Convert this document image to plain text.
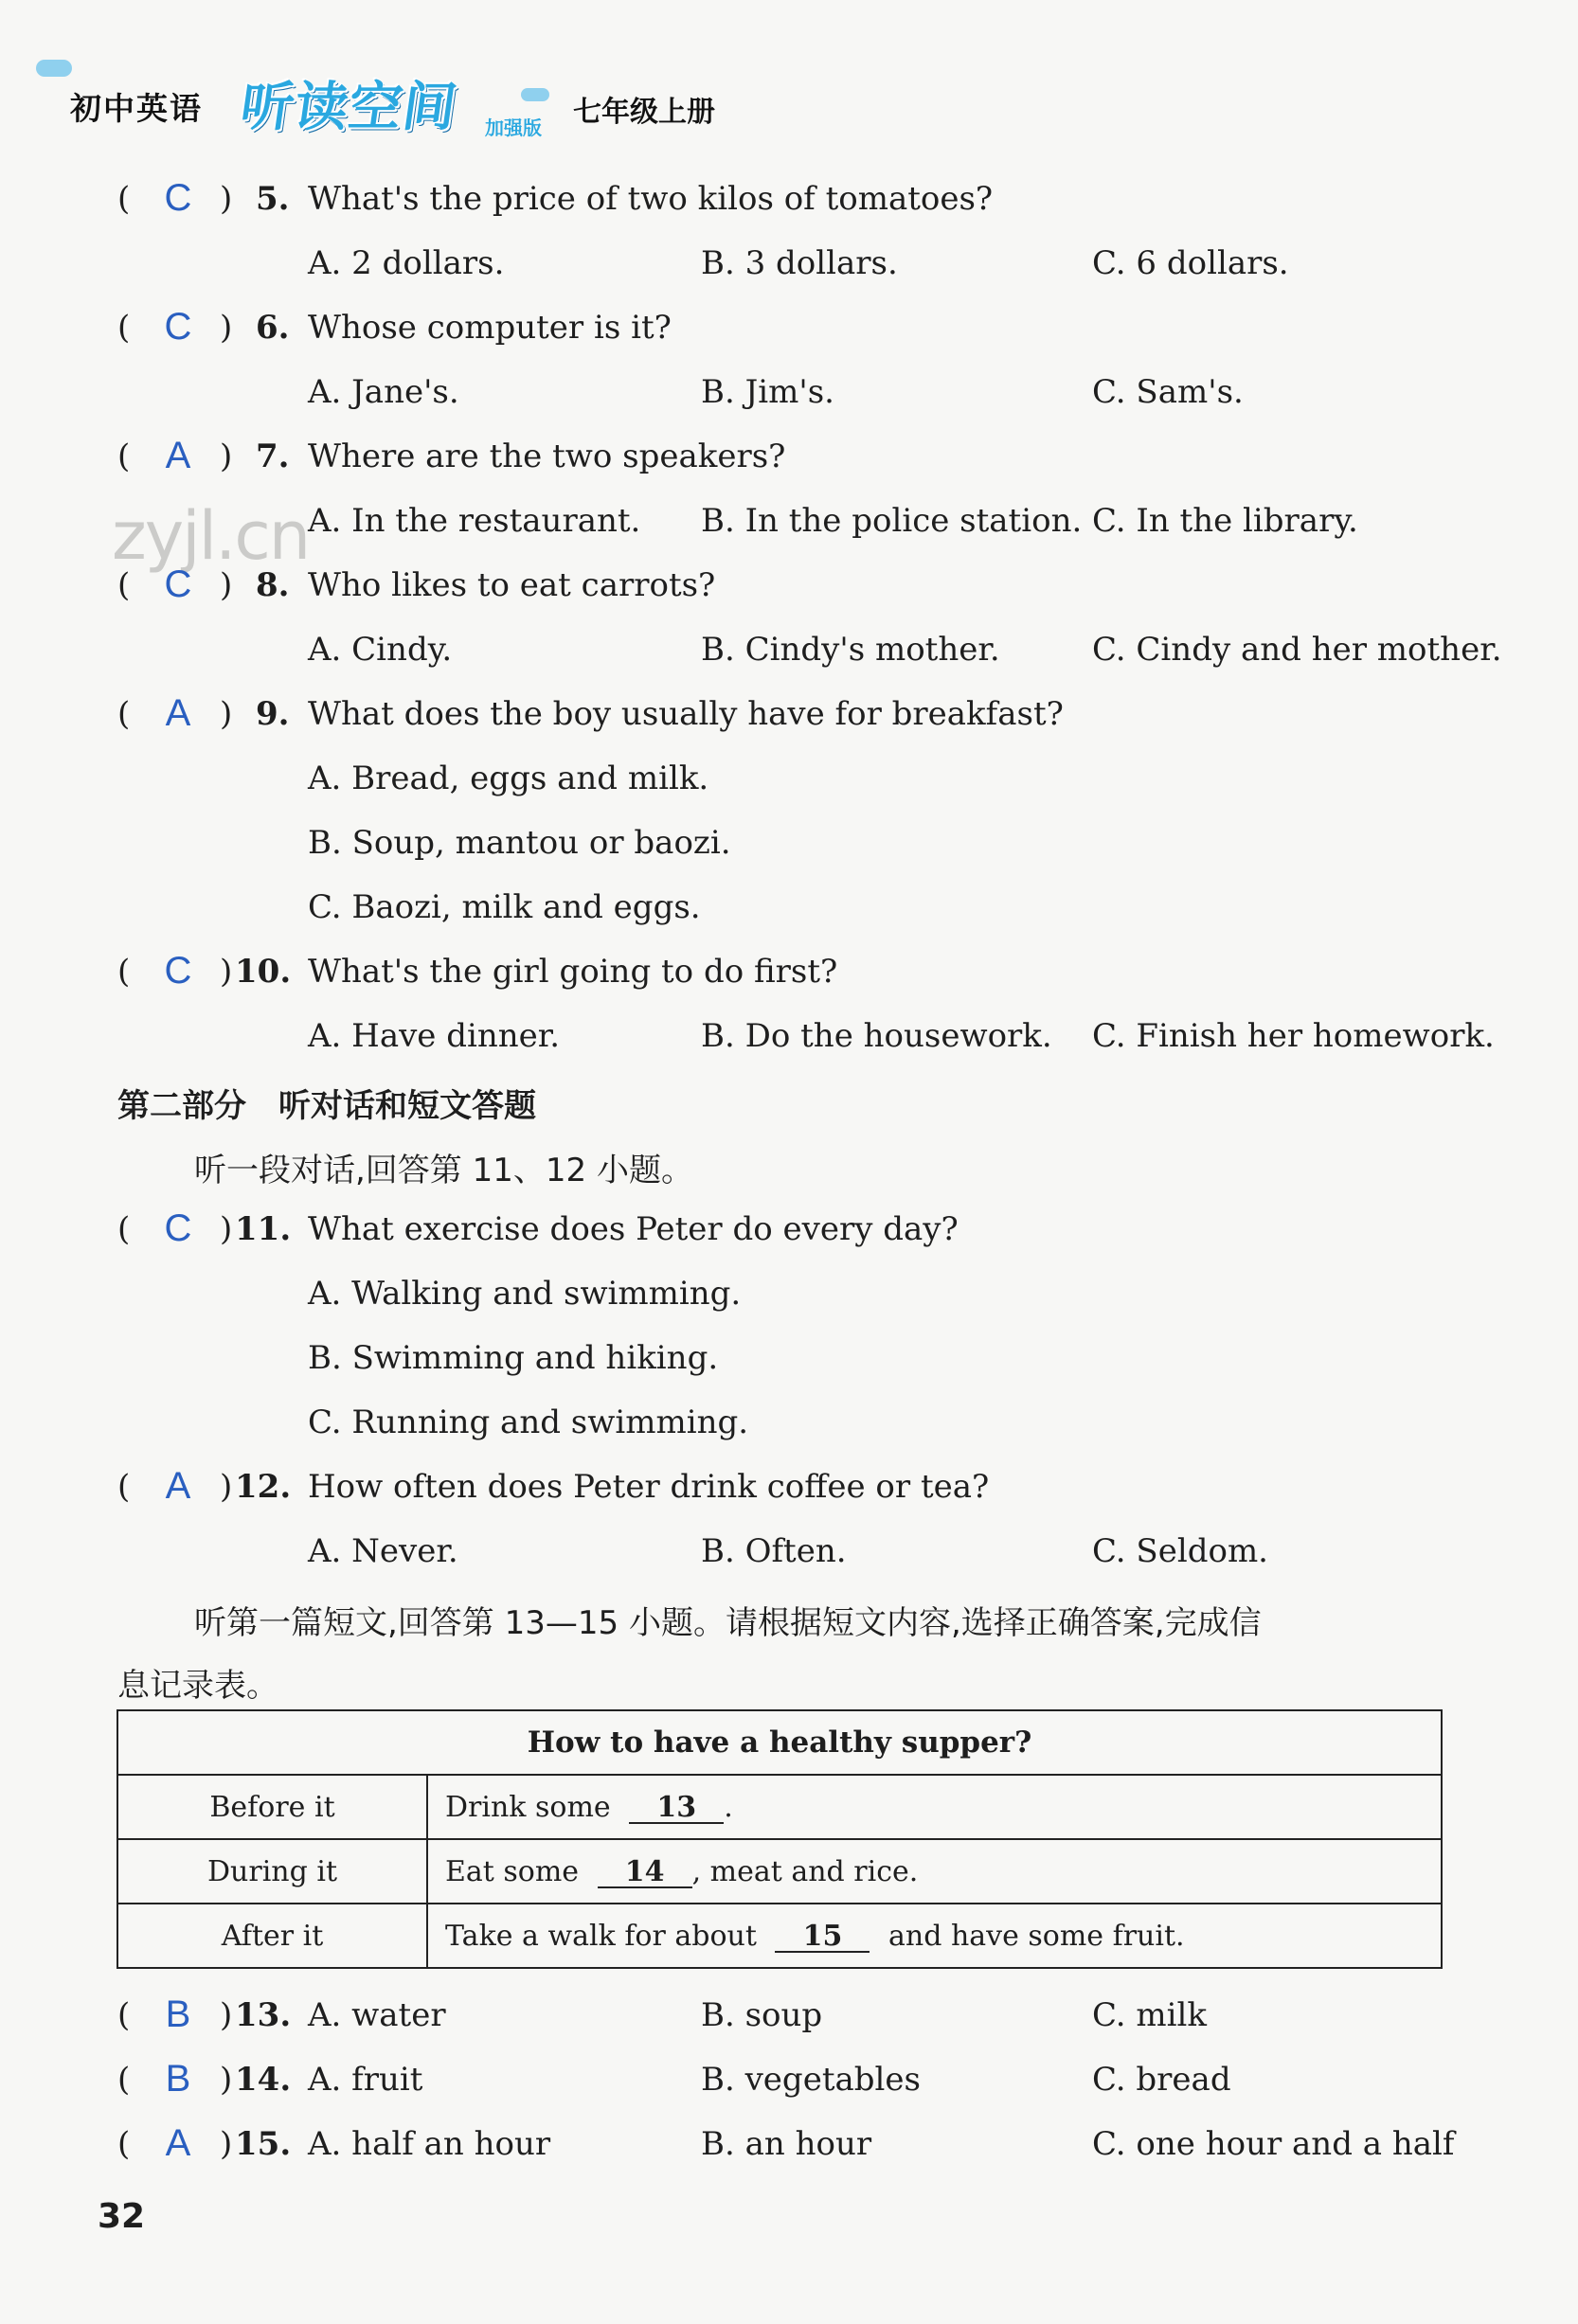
初中英语 听读空间 加强版 七年级上册
zyjl.cn
( C ) 5. What's the price of two kilos of tomatoes?
A. 2 dollars.	B. 3 dollars.	C. 6 dollars.
( C ) 6. Whose computer is it?
A. Jane's.	B. Jim's.	C. Sam's.
( A ) 7. Where are the two speakers?
A. In the restaurant. B. In the police station. C. In the library.
( C ) 8. Who likes to eat carrots?
A. Cindy.	B. Cindy's mother.	C. Cindy and her mother.
( A ) 9. What does the boy usually have for breakfast?
A. Bread, eggs and milk.
B. Soup, mantou or baozi.
C. Baozi, milk and eggs.
( C ) 10. What's the girl going to do first?
A. Have dinner.	B. Do the housework. C. Finish her homework.
第二部分　听对话和短文答题
听一段对话,回答第 11、12 小题。
( C ) 11. What exercise does Peter do every day?
A. Walking and swimming.
B. Swimming and hiking.
C. Running and swimming.
( A ) 12. How often does Peter drink coffee or tea?
A. Never.	B. Often.	C. Seldom.
听第一篇短文,回答第 13—15 小题。请根据短文内容,选择正确答案,完成信
息记录表。
How to have a healthy supper?	
Before it	Drink some 13 .
During it	Eat some 14 , meat and rice.
After it	Take a walk for about 15 and have some fruit.
( B ) 13. A. water	B. soup	C. milk
( B ) 14. A. fruit	B. vegetables	C. bread
( A ) 15. A. half an hour	B. an hour	C. one hour and a half
32
